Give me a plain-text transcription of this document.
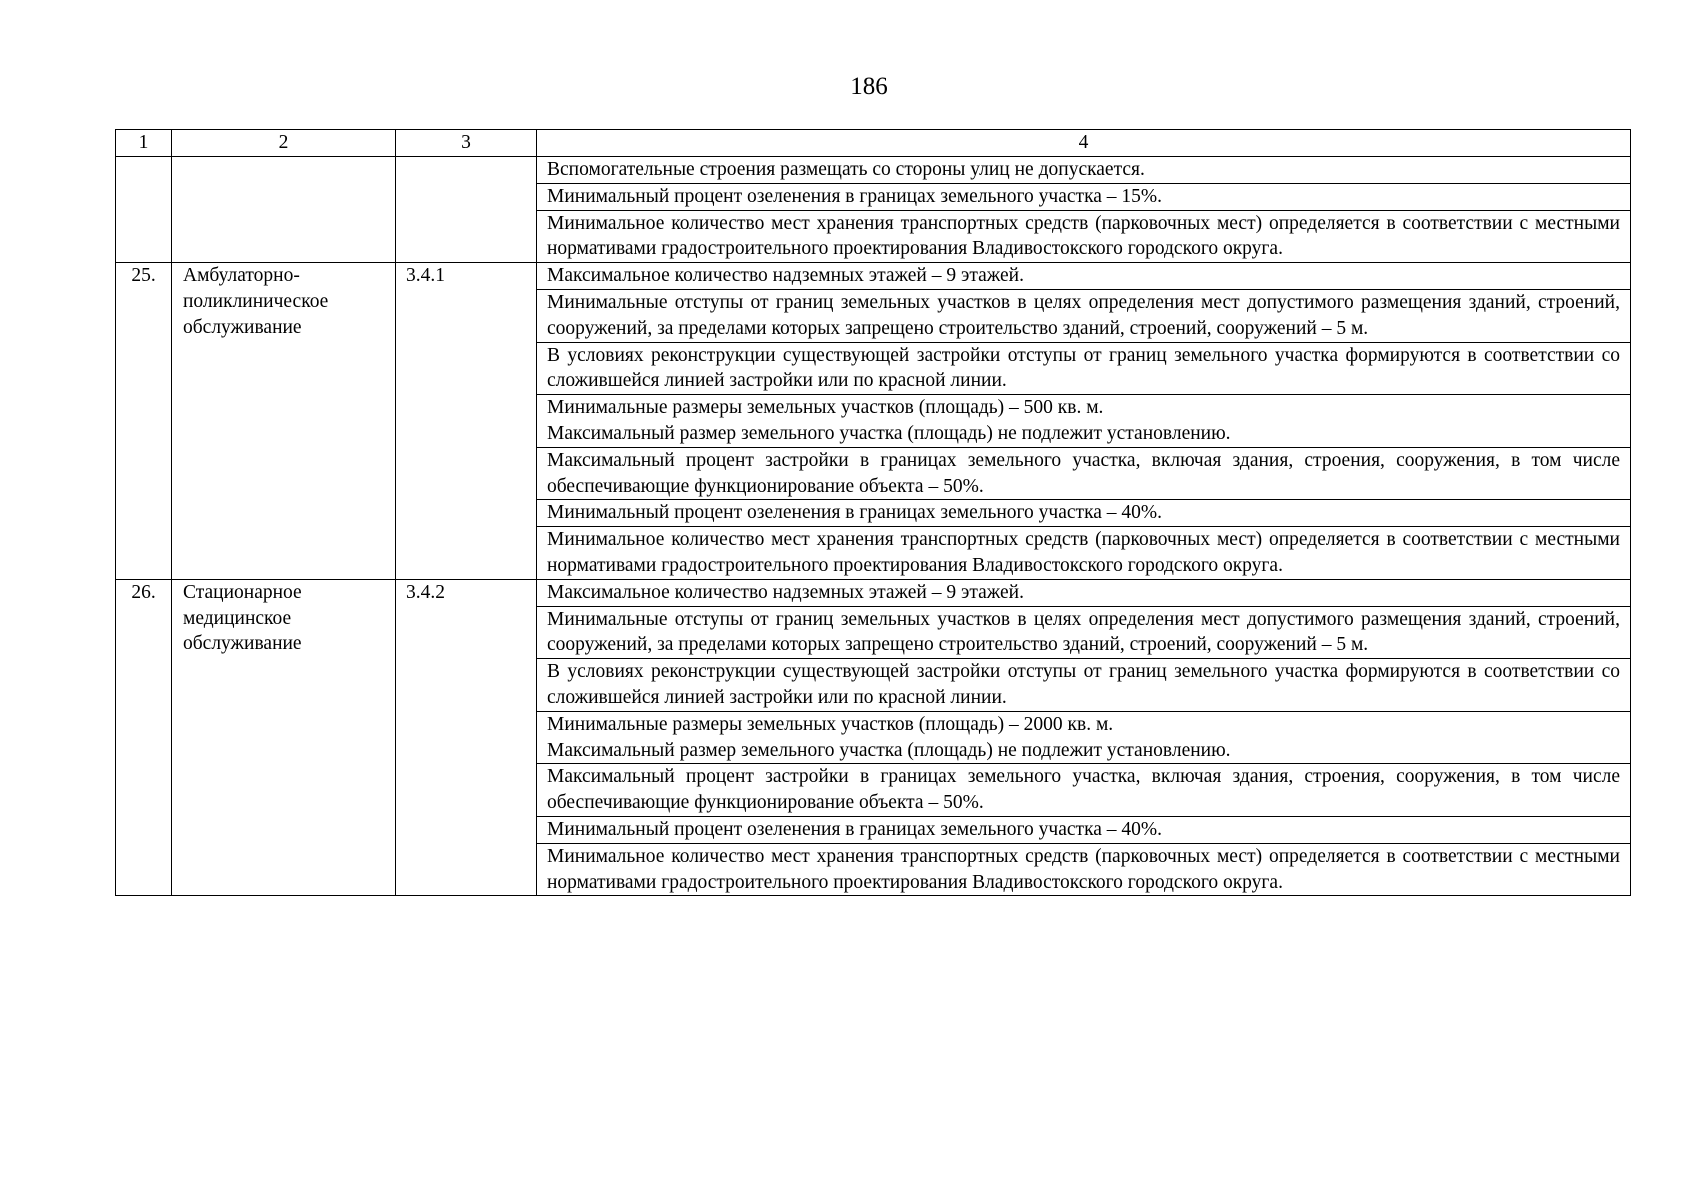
186
1	2	3	4
			Вспомогательные строения размещать со стороны улиц не допускается.
			Минимальный процент озеленения в границах земельного участка – 15%.
			Минимальное количество мест хранения транспортных средств (парковочных мест) определяется в соответствии с местными нормативами градостроительного проектирования Владивостокского городского округа.
25.	Амбулаторно-поликлиническое обслуживание	3.4.1	Максимальное количество надземных этажей – 9 этажей.
			Минимальные отступы от границ земельных участков в целях определения мест допустимого размещения зданий, строений, сооружений, за пределами которых запрещено строительство зданий, строений, сооружений – 5 м.
			В условиях реконструкции существующей застройки отступы от границ земельного участка формируются в соответствии со сложившейся линией застройки или по красной линии.

			Минимальные размеры земельных участков (площадь) – 500 кв. м.
Максимальный размер земельного участка (площадь) не подлежит установлению.

			Максимальный процент застройки в границах земельного участка, включая здания, строения, сооружения, в том числе обеспечивающие функционирование объекта – 50%.
			Минимальный процент озеленения в границах земельного участка – 40%.
			Минимальное количество мест хранения транспортных средств (парковочных мест) определяется в соответствии с местными нормативами градостроительного проектирования Владивостокского городского округа.
26.	Стационарное медицинское обслуживание	3.4.2	Максимальное количество надземных этажей – 9 этажей.
			Минимальные отступы от границ земельных участков в целях определения мест допустимого размещения зданий, строений, сооружений, за пределами которых запрещено строительство зданий, строений, сооружений – 5 м.
			В условиях реконструкции существующей застройки отступы от границ земельного участка формируются в соответствии со сложившейся линией застройки или по красной линии.

			Минимальные размеры земельных участков (площадь) – 2000 кв. м.
Максимальный размер земельного участка (площадь) не подлежит установлению.

			Максимальный процент застройки в границах земельного участка, включая здания, строения, сооружения, в том числе обеспечивающие функционирование объекта – 50%.
			Минимальный процент озеленения в границах земельного участка – 40%.
			Минимальное количество мест хранения транспортных средств (парковочных мест) определяется в соответствии с местными нормативами градостроительного проектирования Владивостокского городского округа.
